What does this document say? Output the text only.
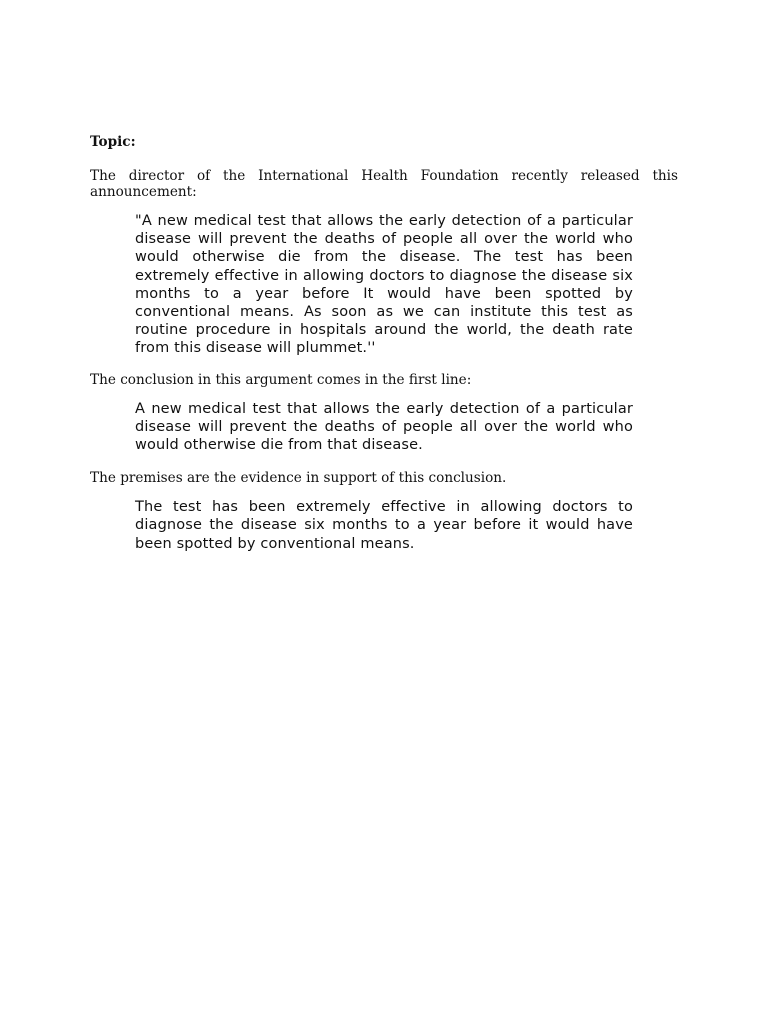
Topic:

The director of the International Health Foundation recently released this announcement:

"A new medical test that allows the early detection of a particular disease will prevent the deaths of people all over the world who would otherwise die from the disease. The test has been extremely effective in allowing doctors to diagnose the disease six months to a year before It would have been spotted by conventional means. As soon as we can institute this test as routine procedure in hospitals around the world, the death rate from this disease will plummet.''

The conclusion in this argument comes in the first line:

A new medical test that allows the early detection of a particular disease will prevent the deaths of people all over the world who would otherwise die from that disease.

The premises are the evidence in support of this conclusion.

The test has been extremely effective in allowing doctors to diagnose the disease six months to a year before it would have been spotted by conventional means.
